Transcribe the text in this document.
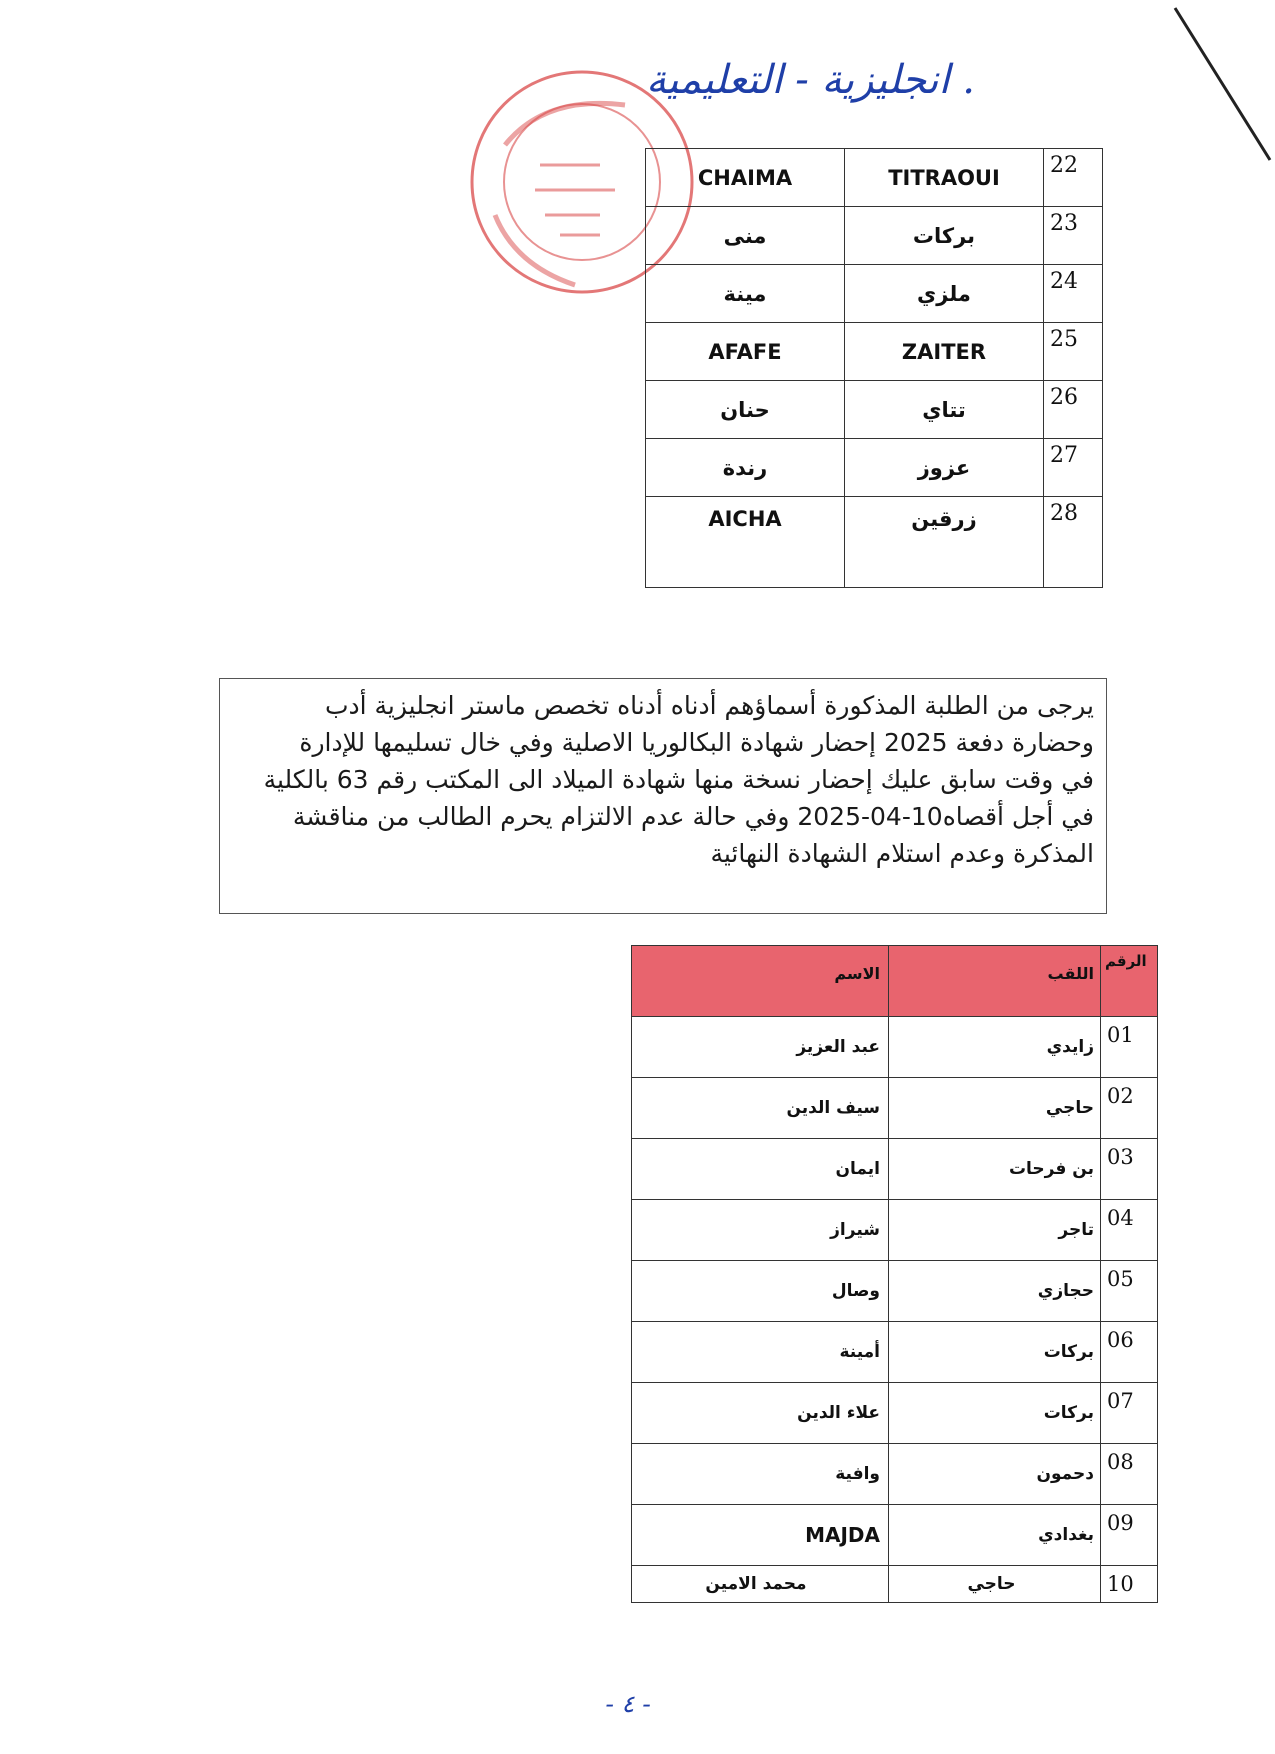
. انجليزية - التعليمية
CHAIMA	TITRAOUI	22
منى	بركات	23
مينة	ملزي	24
AFAFE	ZAITER	25
حنان	تتاي	26
رندة	عزوز	27
AICHA	زرقين	28

يرجى من الطلبة المذكورة أسماؤهم أدناه أدناه تخصص ماستر انجليزية أدب

وحضارة دفعة 2025 إحضار شهادة البكالوريا الاصلية وفي خال تسليمها للإدارة

في وقت سابق عليك إحضار نسخة منها شهادة الميلاد الى المكتب رقم 63 بالكلية

في أجل أقصاه10-04-2025 وفي حالة عدم الالتزام يحرم الطالب من مناقشة

المذكرة وعدم استلام الشهادة النهائية

الاسم	اللقب	الرقم
عبد العزيز	زايدي	01
سيف الدين	حاجي	02
ايمان	بن فرحات	03
شيراز	تاجر	04
وصال	حجازي	05
أمينة	بركات	06
علاء الدين	بركات	07
وافية	دحمون	08
MAJDA	بغدادي	09
محمد الامين	حاجي	10
- ٤ -
